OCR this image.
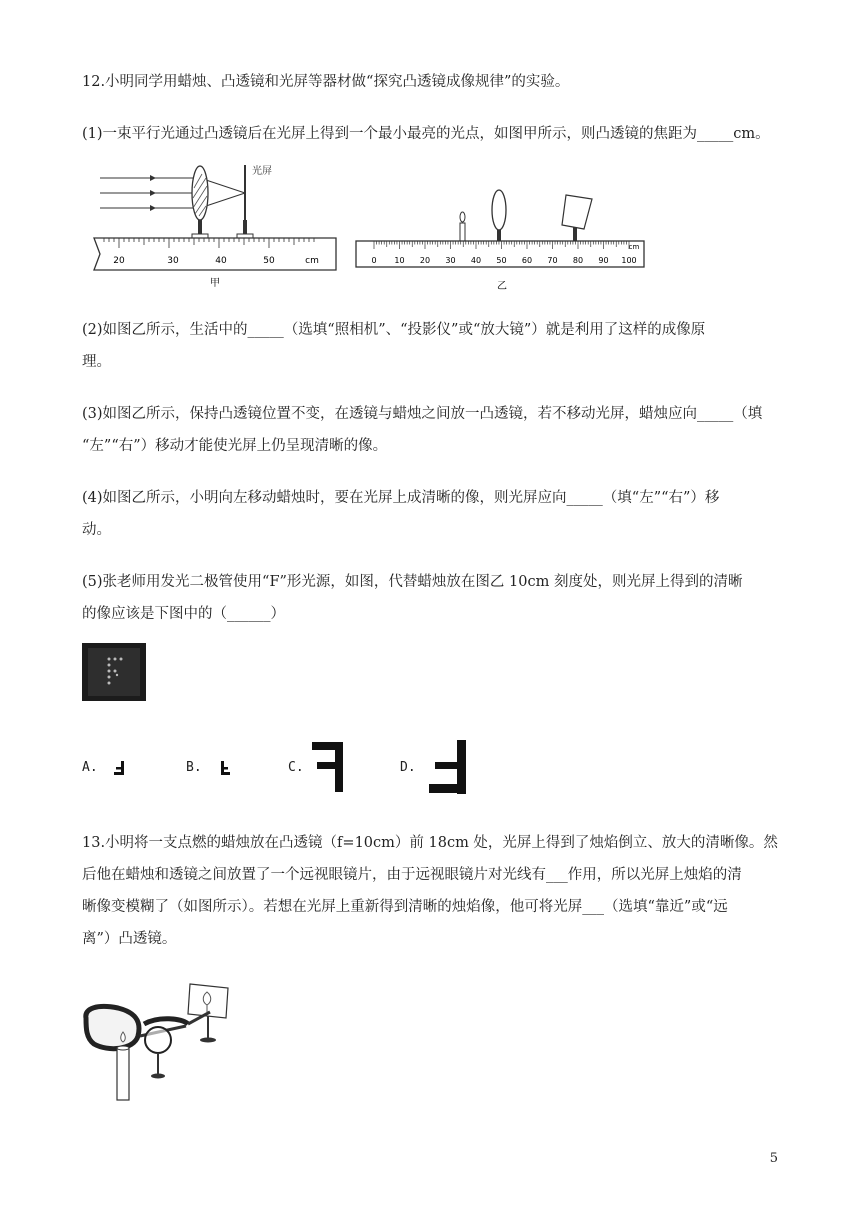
12.小明同学用蜡烛、凸透镜和光屏等器材做“探究凸透镜成像规律”的实验。
(1)一束平行光通过凸透镜后在光屏上得到一个最小最亮的光点，如图甲所示，则凸透镜的焦距为_____cm。
光屏
20	30	40	50	cm
甲
cm
0 10 20 30 40 50 60 70 80 90 100
乙
(2)如图乙所示，生活中的_____（选填“照相机”、“投影仪”或“放大镜”）就是利用了这样的成像原
理。
(3)如图乙所示，保持凸透镜位置不变，在透镜与蜡烛之间放一凸透镜，若不移动光屏，蜡烛应向_____（填
“左”“右”）移动才能使光屏上仍呈现清晰的像。
(4)如图乙所示，小明向左移动蜡烛时，要在光屏上成清晰的像，则光屏应向_____（填“左”“右”）移
动。
(5)张老师用发光二极管使用“F”形光源，如图，代替蜡烛放在图乙 10cm 刻度处，则光屏上得到的清晰
的像应该是下图中的（______）
A.	B.	C.	D.
13.小明将一支点燃的蜡烛放在凸透镜（f=10cm）前 18cm 处，光屏上得到了烛焰倒立、放大的清晰像。然
后他在蜡烛和透镜之间放置了一个远视眼镜片，由于远视眼镜片对光线有___作用，所以光屏上烛焰的清
晰像变模糊了（如图所示）。若想在光屏上重新得到清晰的烛焰像，他可将光屏___（选填“靠近”或“远
离”）凸透镜。
5
